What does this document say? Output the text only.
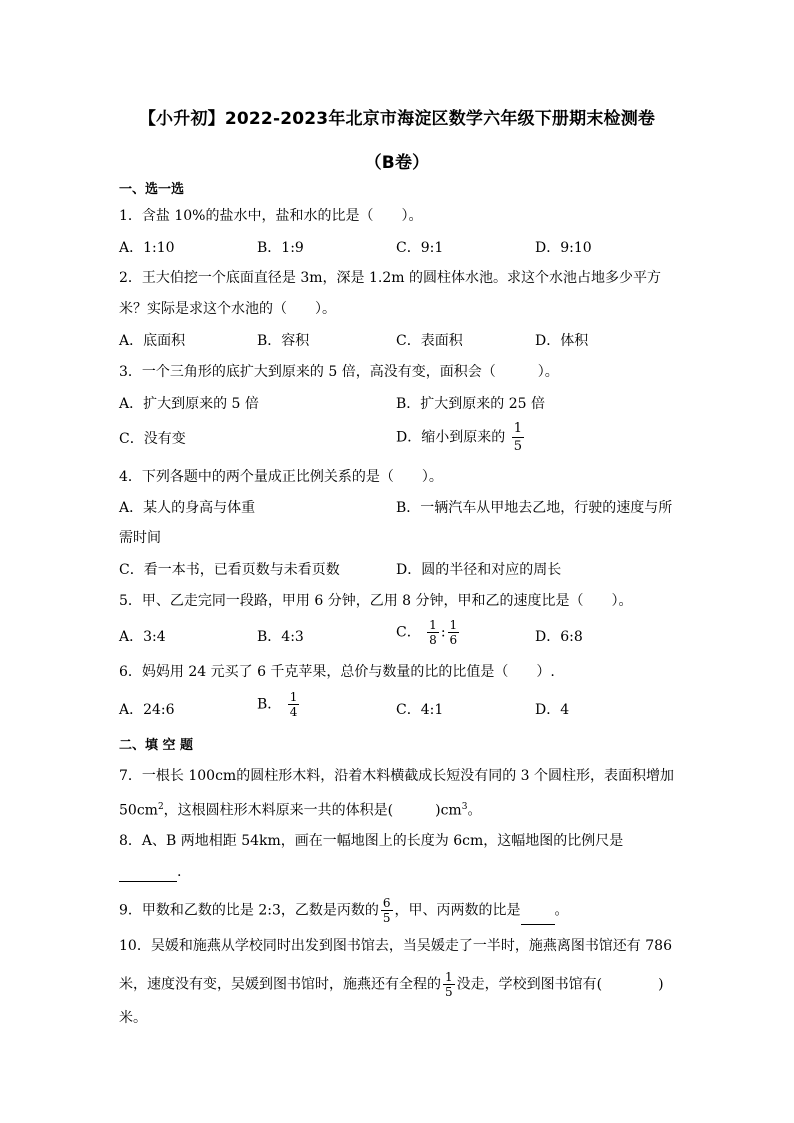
【小升初】2022-2023年北京市海淀区数学六年级下册期末检测卷
（B卷）
一、选一选
1．含盐 10%的盐水中，盐和水的比是（　　）。
A．1:10	B．1:9	C．9:1	D．9:10
2．王大伯挖一个底面直径是 3m，深是 1.2m 的圆柱体水池。求这个水池占地多少平方
米？实际是求这个水池的（　　）。
A．底面积	B．容积	C．表面积	D．体积
3．一个三角形的底扩大到原来的 5 倍，高没有变，面积会（　　　）。
A．扩大到原来的 5 倍	B．扩大到原来的 25 倍
C．没有变	D．缩小到原来的 $\frac{1}{5}$
4．下列各题中的两个量成正比例关系的是（　　）。
A．某人的身高与体重	B．一辆汽车从甲地去乙地，行驶的速度与所
需时间
C．看一本书，已看页数与未看页数	D．圆的半径和对应的周长
5．甲、乙走完同一段路，甲用 6 分钟，乙用 8 分钟，甲和乙的速度比是（　　）。
A．3:4	B．4:3	C． $\frac{1}{8}$ : $\frac{1}{6}$	D．6:8
6．妈妈用 24 元买了 6 千克苹果，总价与数量的比的比值是（　　）.
A．24:6	B． $\frac{1}{4}$	C．4:1	D．4
二、填 空 题
7．一根长 100cm的圆柱形木料，沿着木料横截成长短没有同的 3 个圆柱形，表面积增加
$50cm^2$，这根圆柱形木料原来一共的体积是(　　　)$cm^3$。
8．A、B 两地相距 54km，画在一幅地图上的长度为 6cm，这幅地图的比例尺是
.
9．甲数和乙数的比是 2:3，乙数是丙数的 $\frac{6}{5}$ ，甲、丙两数的比是 。
10．吴媛和施燕从学校同时出发到图书馆去，当吴媛走了一半时，施燕离图书馆还有 786
米，速度没有变，吴媛到图书馆时，施燕还有全程的 $\frac{1}{5}$ 没走，学校到图书馆有(　　　　)
米。
